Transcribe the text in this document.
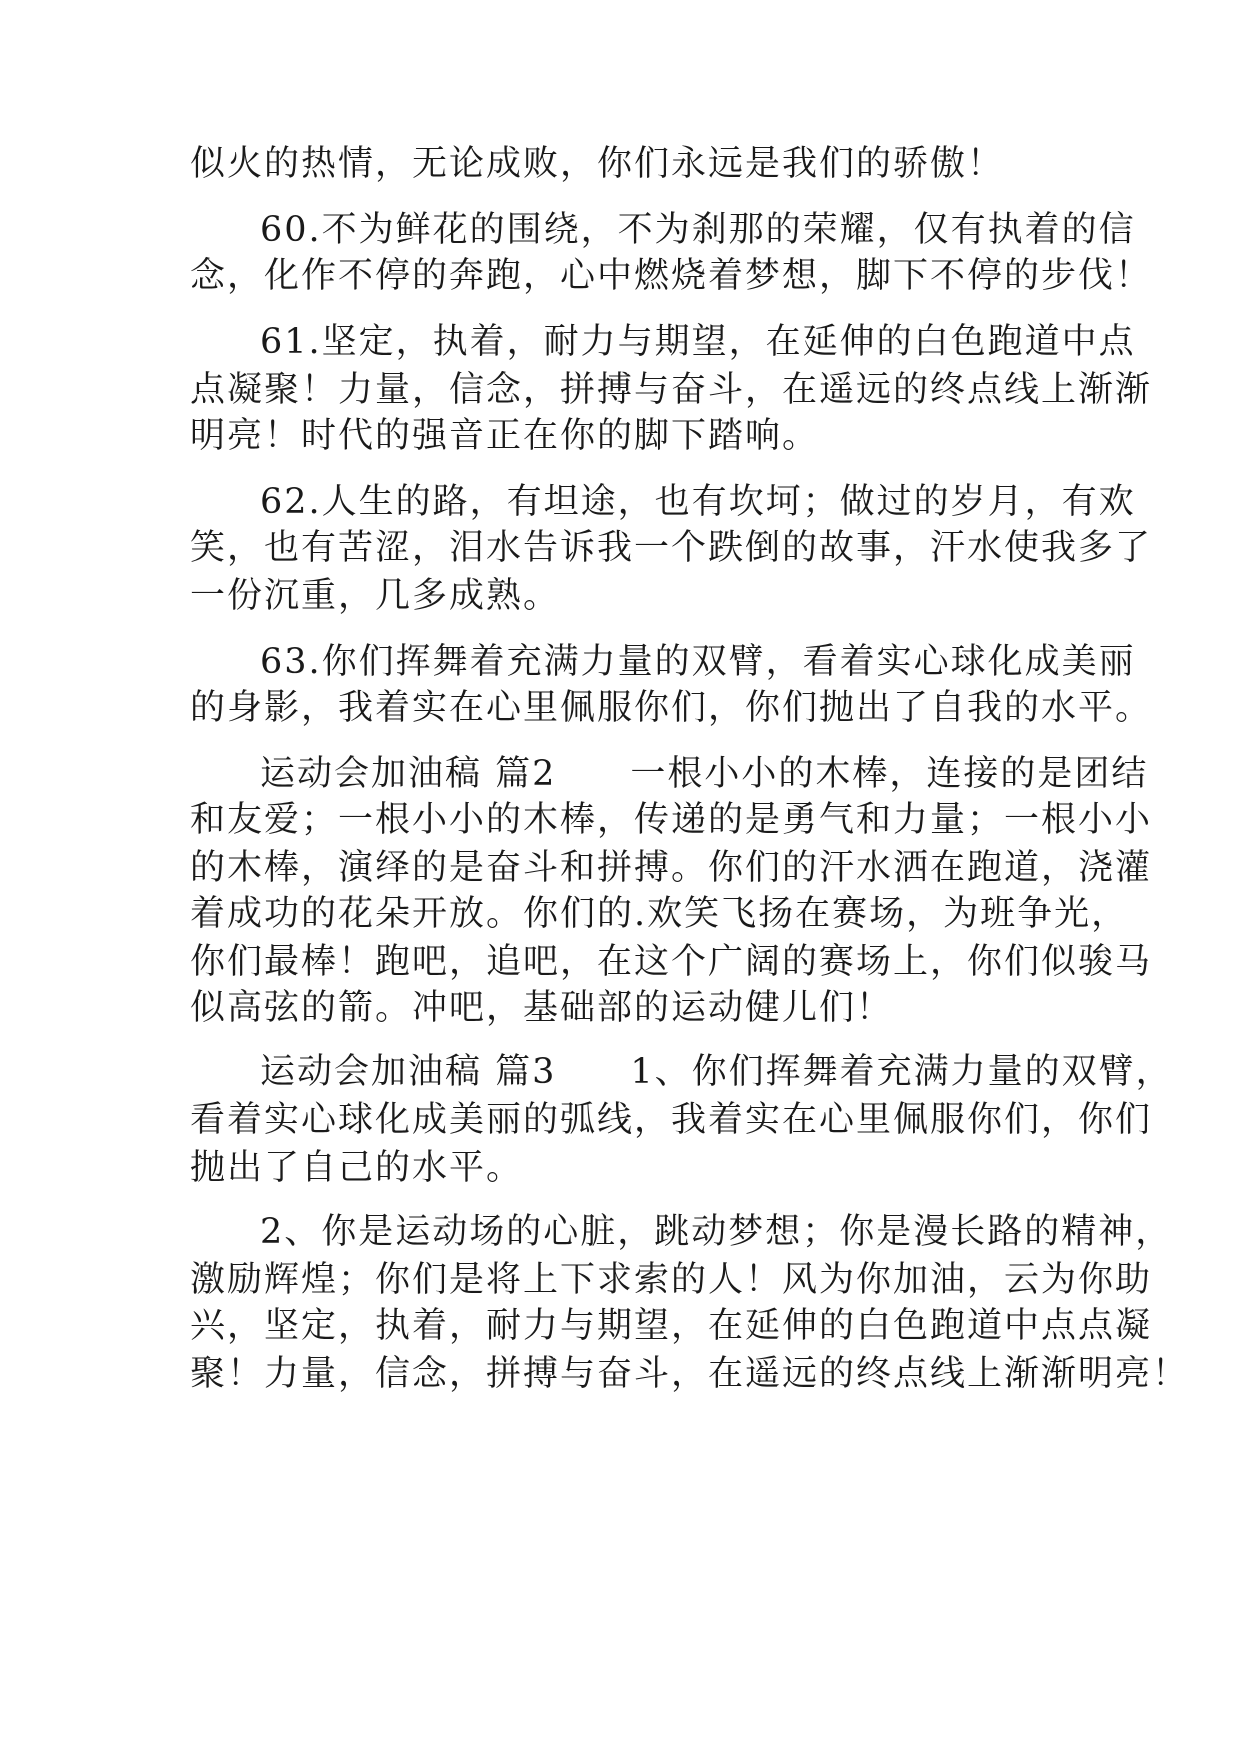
似火的热情，无论成败，你们永远是我们的骄傲！
60.不为鲜花的围绕，不为刹那的荣耀，仅有执着的信
念，化作不停的奔跑，心中燃烧着梦想，脚下不停的步伐！
61.坚定，执着，耐力与期望，在延伸的白色跑道中点
点凝聚！力量，信念，拼搏与奋斗，在遥远的终点线上渐渐
明亮！时代的强音正在你的脚下踏响。
62.人生的路，有坦途，也有坎坷；做过的岁月，有欢
笑，也有苦涩，泪水告诉我一个跌倒的故事，汗水使我多了
一份沉重，几多成熟。
63.你们挥舞着充满力量的双臂，看着实心球化成美丽
的身影，我着实在心里佩服你们，你们抛出了自我的水平。
运动会加油稿 篇2　　一根小小的木棒，连接的是团结
和友爱；一根小小的木棒，传递的是勇气和力量；一根小小
的木棒，演绎的是奋斗和拼搏。你们的汗水洒在跑道，浇灌
着成功的花朵开放。你们的.欢笑飞扬在赛场，为班争光，
你们最棒！跑吧，追吧，在这个广阔的赛场上，你们似骏马
似高弦的箭。冲吧，基础部的运动健儿们！
运动会加油稿 篇3　　1、你们挥舞着充满力量的双臂，
看着实心球化成美丽的弧线，我着实在心里佩服你们，你们
抛出了自己的水平。
2、你是运动场的心脏，跳动梦想；你是漫长路的精神，
激励辉煌；你们是将上下求索的人！风为你加油，云为你助
兴，坚定，执着，耐力与期望，在延伸的白色跑道中点点凝
聚！力量，信念，拼搏与奋斗，在遥远的终点线上渐渐明亮！
